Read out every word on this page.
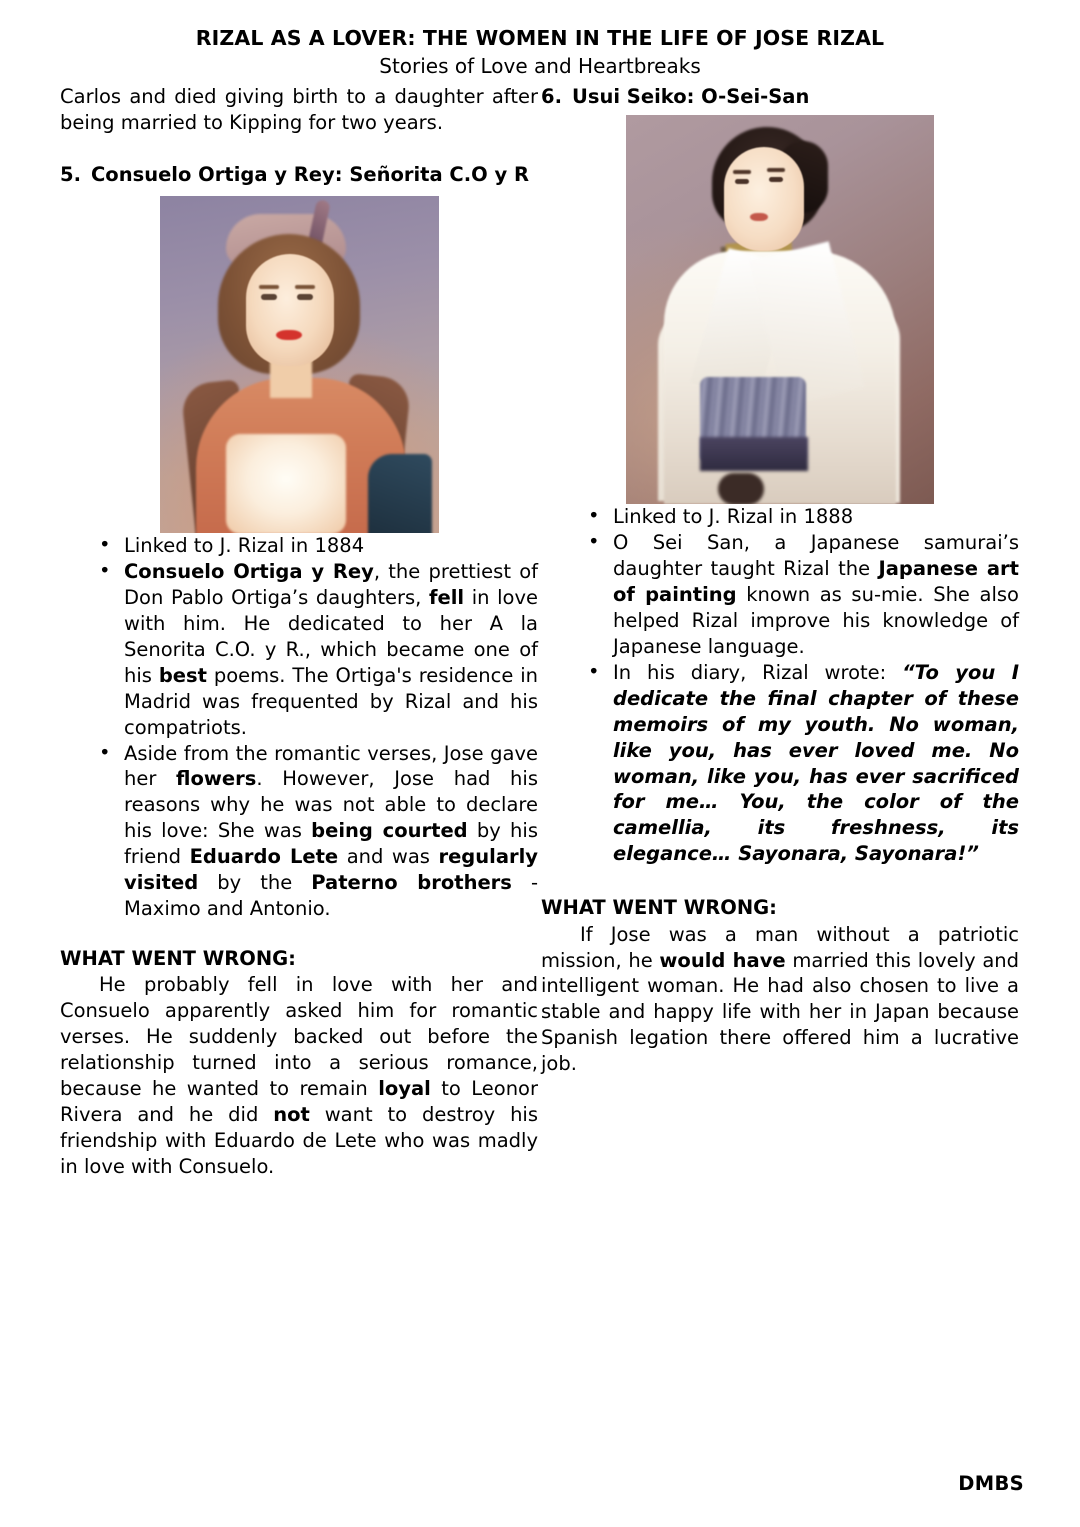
RIZAL AS A LOVER: THE WOMEN IN THE LIFE OF JOSE RIZAL
Stories of Love and Heartbreaks

Carlos and died giving birth to a daughter after being married to Kipping for two years.

5. Consuelo Ortiga y Rey: Señorita C.O y R
• Linked to J. Rizal in 1884
• Consuelo Ortiga y Rey, the prettiest of Don Pablo Ortiga’s daughters, fell in love with him. He dedicated to her A la Senorita C.O. y R., which became one of his best poems. The Ortiga's residence in Madrid was frequented by Rizal and his compatriots.
• Aside from the romantic verses, Jose gave her flowers. However, Jose had his reasons why he was not able to declare his love: She was being courted by his friend Eduardo Lete and was regularly visited by the Paterno brothers - Maximo and Antonio.
WHAT WENT WRONG:

He probably fell in love with her and Consuelo apparently asked him for romantic verses. He suddenly backed out before the relationship turned into a serious romance, because he wanted to remain loyal to Leonor Rivera and he did not want to destroy his friendship with Eduardo de Lete who was madly in love with Consuelo.

6. Usui Seiko: O-Sei-San
• Linked to J. Rizal in 1888
• O Sei San, a Japanese samurai’s daughter taught Rizal the Japanese art of painting known as su-mie. She also helped Rizal improve his knowledge of Japanese language.
• In his diary, Rizal wrote: “To you I dedicate the final chapter of these memoirs of my youth. No woman, like you, has ever loved me. No woman, like you, has ever sacrificed for me… You, the color of the camellia, its freshness, its elegance… Sayonara, Sayonara!”
WHAT WENT WRONG:

If Jose was a man without a patriotic mission, he would have married this lovely and intelligent woman. He had also chosen to live a stable and happy life with her in Japan because Spanish legation there offered him a lucrative job.

DMBS
